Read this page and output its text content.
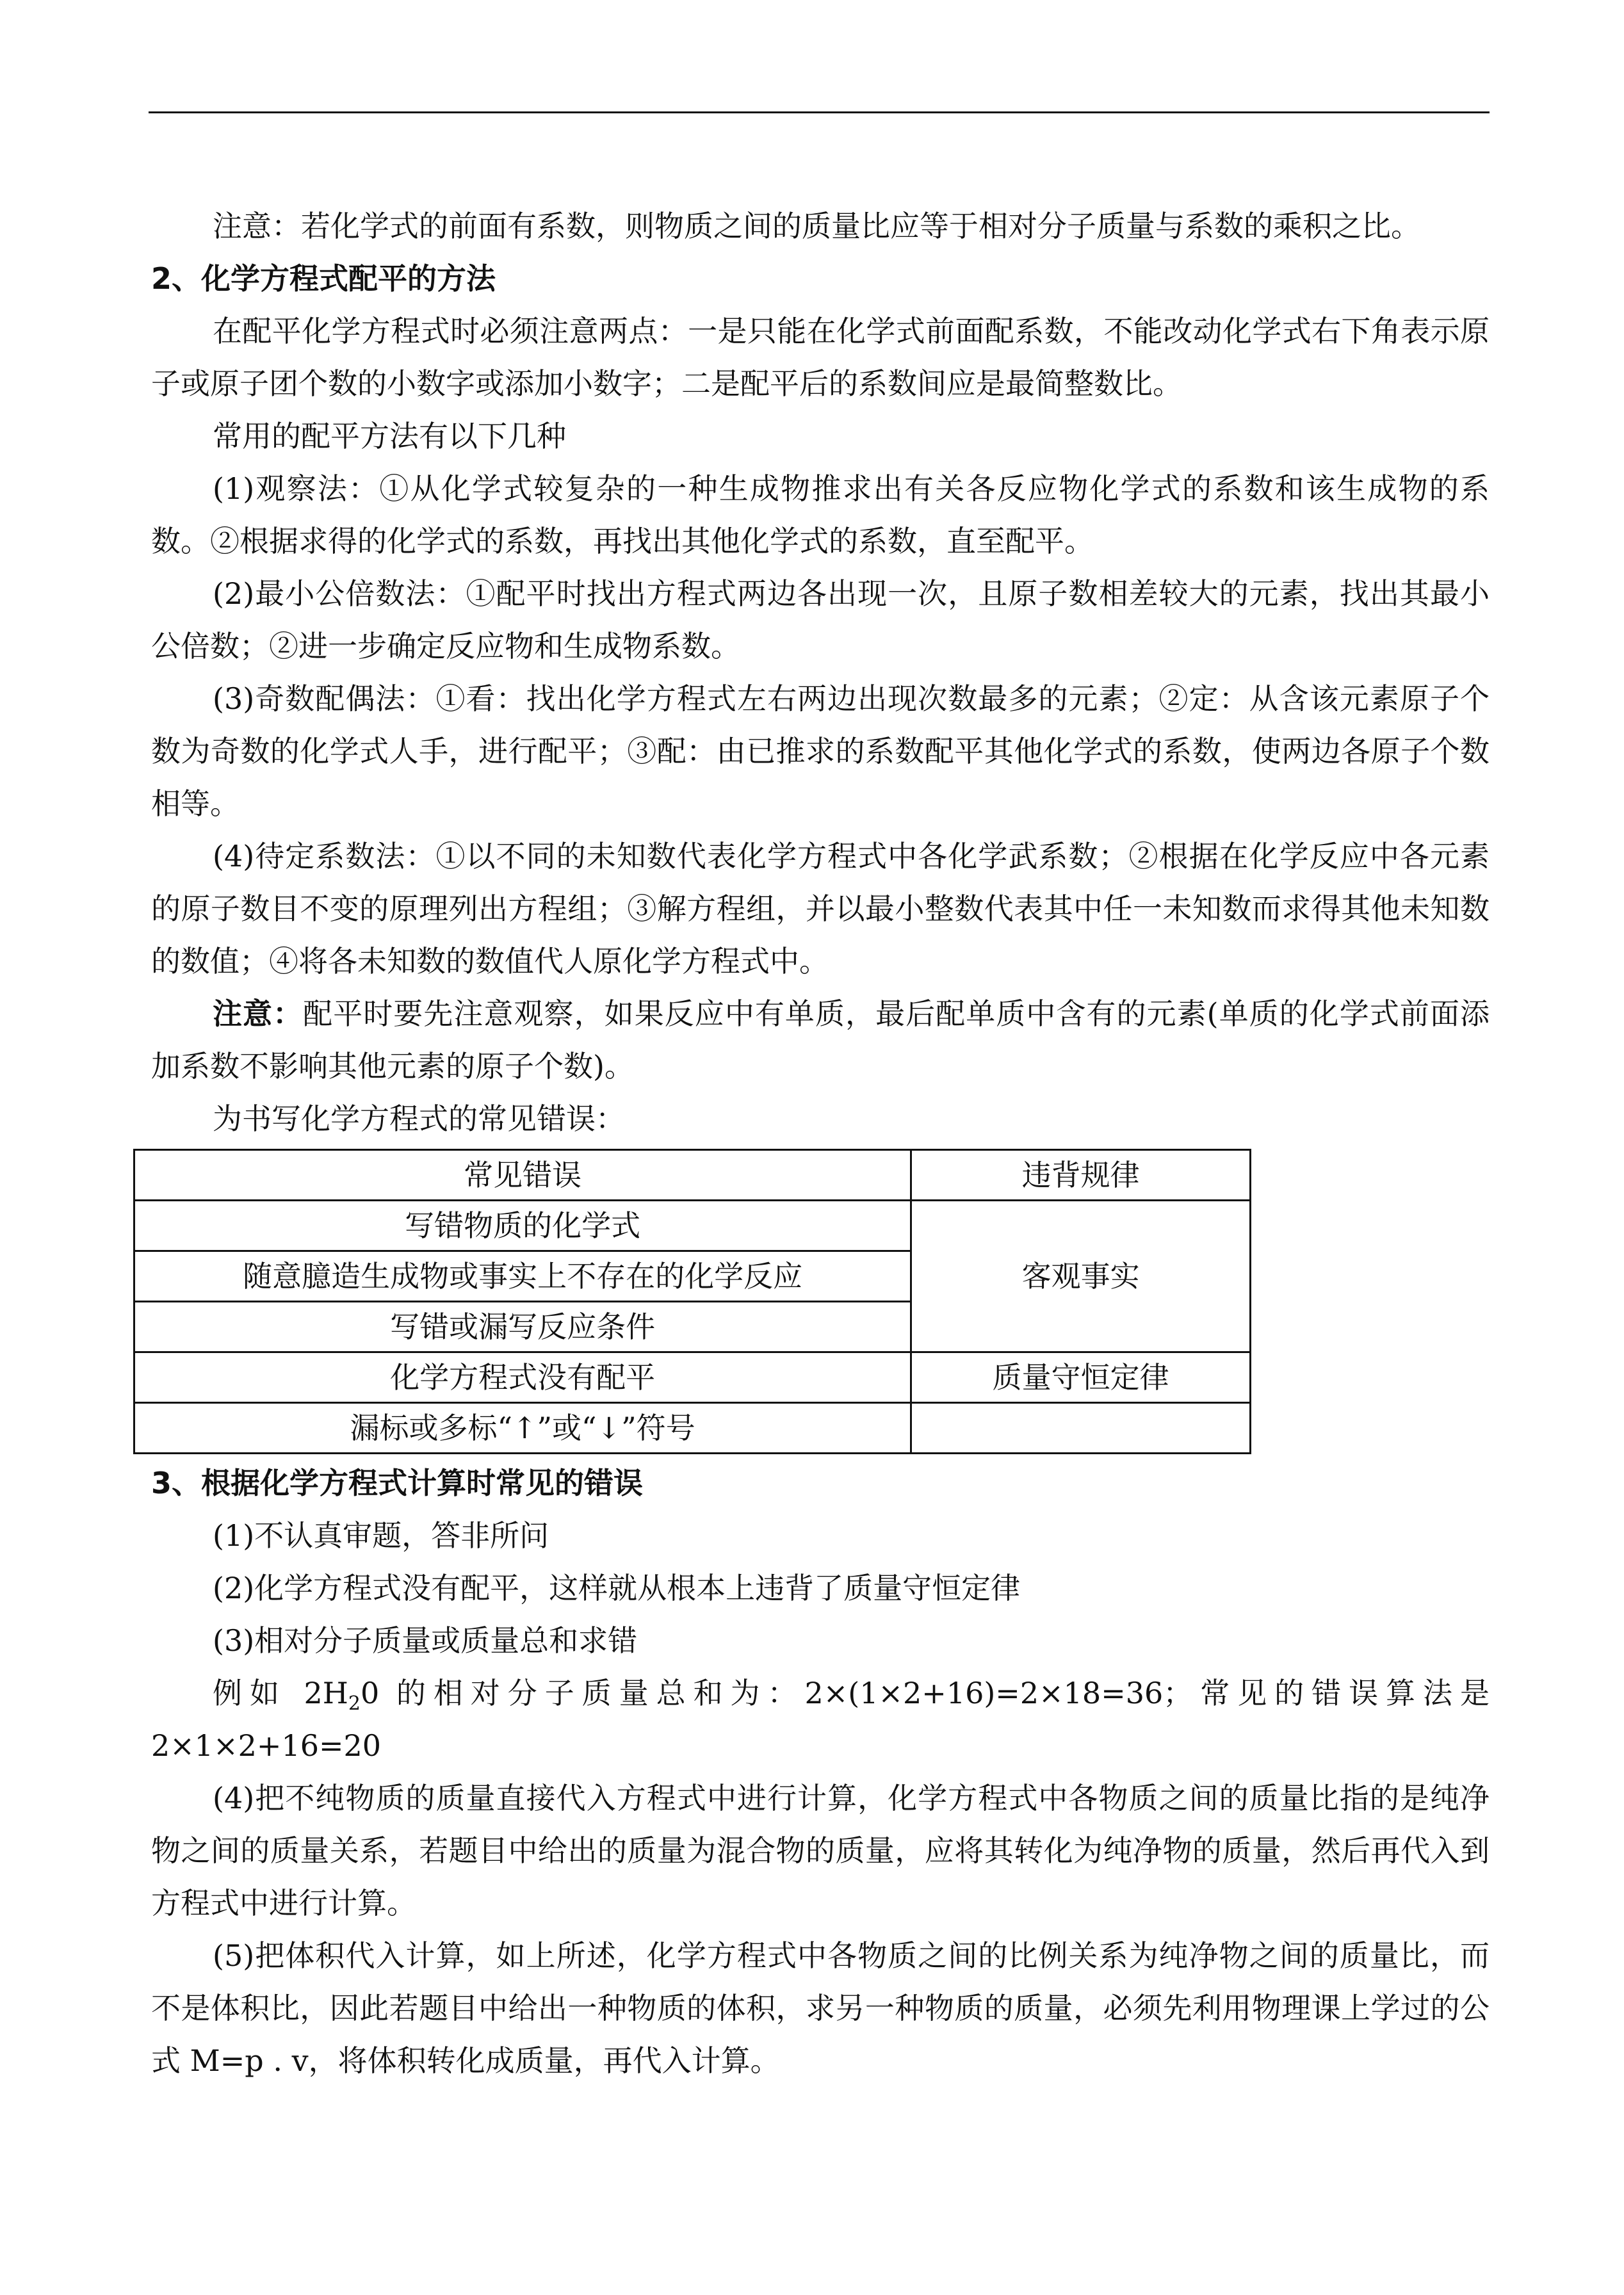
注意：若化学式的前面有系数，则物质之间的质量比应等于相对分子质量与系数的乘积之比。

2、化学方程式配平的方法

在配平化学方程式时必须注意两点：一是只能在化学式前面配系数，不能改动化学式右下角表示原子或原子团个数的小数字或添加小数字；二是配平后的系数间应是最简整数比。

常用的配平方法有以下几种

(1)观察法：①从化学式较复杂的一种生成物推求出有关各反应物化学式的系数和该生成物的系数。②根据求得的化学式的系数，再找出其他化学式的系数，直至配平。

(2)最小公倍数法：①配平时找出方程式两边各出现一次，且原子数相差较大的元素，找出其最小公倍数；②进一步确定反应物和生成物系数。

(3)奇数配偶法：①看：找出化学方程式左右两边出现次数最多的元素；②定：从含该元素原子个数为奇数的化学式人手，进行配平；③配：由已推求的系数配平其他化学式的系数，使两边各原子个数相等。

(4)待定系数法：①以不同的未知数代表化学方程式中各化学武系数；②根据在化学反应中各元素的原子数目不变的原理列出方程组；③解方程组，并以最小整数代表其中任一未知数而求得其他未知数的数值；④将各未知数的数值代人原化学方程式中。

注意：配平时要先注意观察，如果反应中有单质，最后配单质中含有的元素(单质的化学式前面添加系数不影响其他元素的原子个数)。

为书写化学方程式的常见错误：

常见错误	违背规律
写错物质的化学式	客观事实
随意臆造生成物或事实上不存在的化学反应	
写错或漏写反应条件	
化学方程式没有配平	质量守恒定律
漏标或多标“↑”或“↓”符号	

3、根据化学方程式计算时常见的错误

(1)不认真审题，答非所问

(2)化学方程式没有配平，这样就从根本上违背了质量守恒定律

(3)相对分子质量或质量总和求错

例如 $2H_20$ 的相对分子质量总和为：2×(1×2+16)=2×18=36；常见的错误算法是 2×1×2+16=20

(4)把不纯物质的质量直接代入方程式中进行计算，化学方程式中各物质之间的质量比指的是纯净物之间的质量关系，若题目中给出的质量为混合物的质量，应将其转化为纯净物的质量，然后再代入到方程式中进行计算。

(5)把体积代入计算，如上所述，化学方程式中各物质之间的比例关系为纯净物之间的质量比，而不是体积比，因此若题目中给出一种物质的体积，求另一种物质的质量，必须先利用物理课上学过的公式 M=p . v，将体积转化成质量，再代入计算。
